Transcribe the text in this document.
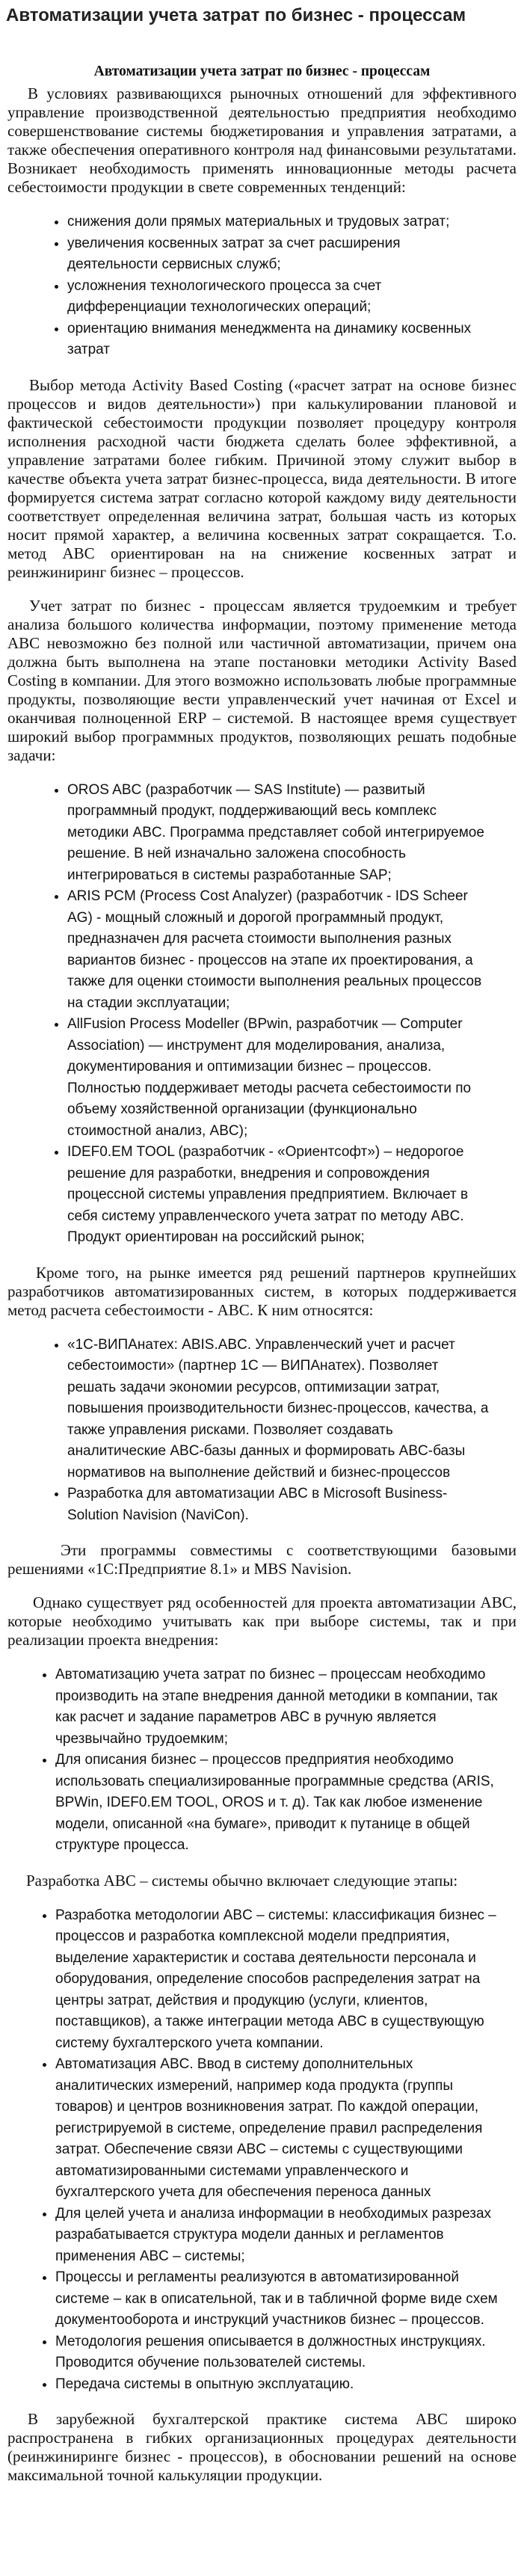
Автоматизации учета затрат по бизнес - процессам
Автоматизации учета затрат по бизнес - процессам

В условиях развивающихся рыночных отношений для эффективного управление производственной деятельностью предприятия необходимо совершенствование системы бюджетирования и управления затратами, а также обеспечения оперативного контроля над финансовыми результатами. Возникает необходимость применять инновационные методы расчета себестоимости продукции в свете современных тенденций:

• снижения доли прямых материальных и трудовых затрат;
• увеличения косвенных затрат за счет расширения деятельности сервисных служб;
• усложнения технологического процесса за счет дифференциации технологических операций;
• ориентацию внимания менеджмента на динамику косвенных затрат

Выбор метода Activity Based Costing («расчет затрат на основе бизнес процессов и видов деятельности») при калькулировании плановой и фактической себестоимости продукции позволяет процедуру контроля исполнения расходной части бюджета сделать более эффективной, а управление затратами более гибким. Причиной этому служит выбор в качестве объекта учета затрат бизнес-процесса, вида деятельности. В итоге формируется система затрат согласно которой каждому виду деятельности соответствует определенная величина затрат, большая часть из которых носит прямой характер, а величина косвенных затрат сокращается. Т.о. метод ABC ориентирован на на снижение косвенных затрат и реинжиниринг бизнес – процессов.

Учет затрат по бизнес - процессам является трудоемким и требует анализа большого количества информации, поэтому применение метода ABC невозможно без полной или частичной автоматизации, причем она должна быть выполнена на этапе постановки методики Activity Based Costing в компании. Для этого возможно использовать любые программные продукты, позволяющие вести управленческий учет начиная от Excel и оканчивая полноценной ERP – системой. В настоящее время существует широкий выбор программных продуктов, позволяющих решать подобные задачи:

• OROS ABC (разработчик — SAS Institute) — развитый программный продукт, поддерживающий весь комплекс методики ABC. Программа представляет собой интегрируемое решение. В ней изначально заложена способность интегрироваться в системы разработанные SAP;
• ARIS PCM (Process Cost Analyzer) (разработчик - IDS Scheer AG) - мощный сложный и дорогой программный продукт, предназначен для расчета стоимости выполнения разных вариантов бизнес - процессов на этапе их проектирования, а также для оценки стоимости выполнения реальных процессов на стадии эксплуатации;
• AllFusion Process Modeller (BPwin, разработчик — Computer Association) — инструмент для моделирования, анализа, документирования и оптимизации бизнес – процессов. Полностью поддерживает методы расчета себестоимости по объему хозяйственной организации (функционально стоимостной анализ, ABC);
• IDEF0.EM TOOL (разработчик - «Ориентсофт») – недорогое решение для разработки, внедрения и сопровождения процессной системы управления предприятием. Включает в себя систему управленческого учета затрат по методу ABC. Продукт ориентирован на российский рынок;

Кроме того, на рынке имеется ряд решений партнеров крупнейших разработчиков автоматизированных систем, в которых поддерживается метод расчета себестоимости - ABC. К ним относятся:

• «1С-ВИПАнатех: ABIS.ABC. Управленческий учет и расчет себестоимости» (партнер 1С — ВИПАнатех). Позволяет решать задачи экономии ресурсов, оптимизации затрат, повышения производительности бизнес-процессов, качества, а также управления рисками. Позволяет создавать аналитические ABC-базы данных и формировать ABC-базы нормативов на выполнение действий и бизнес-процессов
• Разработка для автоматизации ABC в Microsoft Business-Solution Navision (NaviCon).

Эти программы совместимы с соответствующими базовыми решениями «1С:Предприятие 8.1» и MBS Navision.

Однако существует ряд особенностей для проекта автоматизации ABC, которые необходимо учитывать как при выборе системы, так и при реализации проекта внедрения:

• Автоматизацию учета затрат по бизнес – процессам необходимо производить на этапе внедрения данной методики в компании, так как расчет и задание параметров ABC в ручную является чрезвычайно трудоемким;
• Для описания бизнес – процессов предприятия необходимо использовать специализированные программные средства (ARIS, BPWin, IDEF0.EM TOOL, OROS и т. д). Так как любое изменение модели, описанной «на бумаге», приводит к путанице в общей структуре процесса.

Разработка ABC – системы обычно включает следующие этапы:

• Разработка методологии ABC – системы: классификация бизнес – процессов и разработка комплексной модели предприятия, выделение характеристик и состава деятельности персонала и оборудования, определение способов распределения затрат на центры затрат, действия и продукцию (услуги, клиентов, поставщиков), а также интеграции метода ABC в существующую систему бухгалтерского учета компании.
• Автоматизация ABC. Ввод в систему дополнительных аналитических измерений, например кода продукта (группы товаров) и центров возникновения затрат. По каждой операции, регистрируемой в системе, определение правил распределения затрат. Обеспечение связи ABC – системы с существующими автоматизированными системами управленческого и бухгалтерского учета для обеспечения переноса данных
• Для целей учета и анализа информации в необходимых разрезах разрабатывается структура модели данных и регламентов применения ABC – системы;
• Процессы и регламенты реализуются в автоматизированной системе – как в описательной, так и в табличной форме виде схем документооборота и инструкций участников бизнес – процессов.
• Методология решения описывается в должностных инструкциях. Проводится обучение пользователей системы.
• Передача системы в опытную эксплуатацию.

В зарубежной бухгалтерской практике система ABC широко распространена в гибких организационных процедурах деятельности (реинжиниринге бизнес - процессов), в обосновании решений на основе максимальной точной калькуляции продукции.
